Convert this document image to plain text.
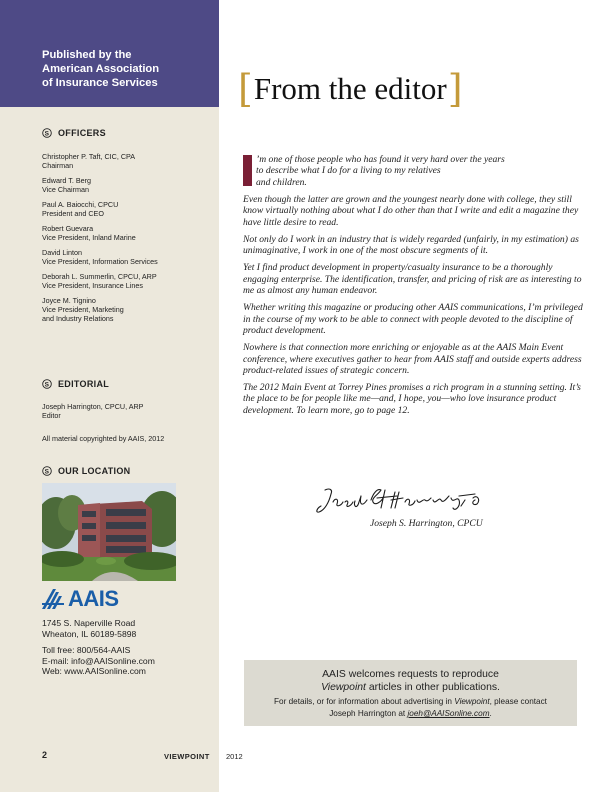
Published by the
American Association
of Insurance Services
S OFFICERS
Christopher P. Taft, CIC, CPA
Chairman
Edward T. Berg
Vice Chairman
Paul A. Baiocchi, CPCU
President and CEO
Robert Guevara
Vice President, Inland Marine
David Linton
Vice President, Information Services
Deborah L. Summerlin, CPCU, ARP
Vice President, Insurance Lines
Joyce M. Tignino
Vice President, Marketing
and Industry Relations
S EDITORIAL
Joseph Harrington, CPCU, ARP
Editor
All material copyrighted by AAIS, 2012
S OUR LOCATION
AAIS
1745 S. Naperville Road
Wheaton, IL 60189-5898
Toll free: 800/564-AAIS
E-mail: info@AAISonline.com
Web: www.AAISonline.com
2	VIEWPOINT 2012
[ From the editor ]
’m one of those people who has found it very hard over the years
to describe what I do for a living to my relatives
and children.

Even though the latter are grown and the youngest nearly done with college, they still know virtually nothing about what I do other than that I write and edit a magazine they have little desire to read.

Not only do I work in an industry that is widely regarded (unfairly, in my estimation) as unimaginative, I work in one of the most obscure segments of it.

Yet I find product development in property/casualty insurance to be a thoroughly engaging enterprise. The identification, transfer, and pricing of risk are as interesting to me as almost any human endeavor.

Whether writing this magazine or producing other AAIS communications, I’m privileged in the course of my work to be able to connect with people devoted to the discipline of product development.

Nowhere is that connection more enriching or enjoyable as at the AAIS Main Event conference, where executives gather to hear from AAIS staff and outside experts address product-related issues of strategic concern.

The 2012 Main Event at Torrey Pines promises a rich program in a stunning setting. It’s the place to be for people like me—and, I hope, you—who love insurance product development. To learn more, go to page 12.

Joseph S. Harrington, CPCU
AAIS welcomes requests to reproduce
Viewpoint articles in other publications.
For details, or for information about advertising in Viewpoint, please contact
Joseph Harrington at joeh@AAISonline.com.
